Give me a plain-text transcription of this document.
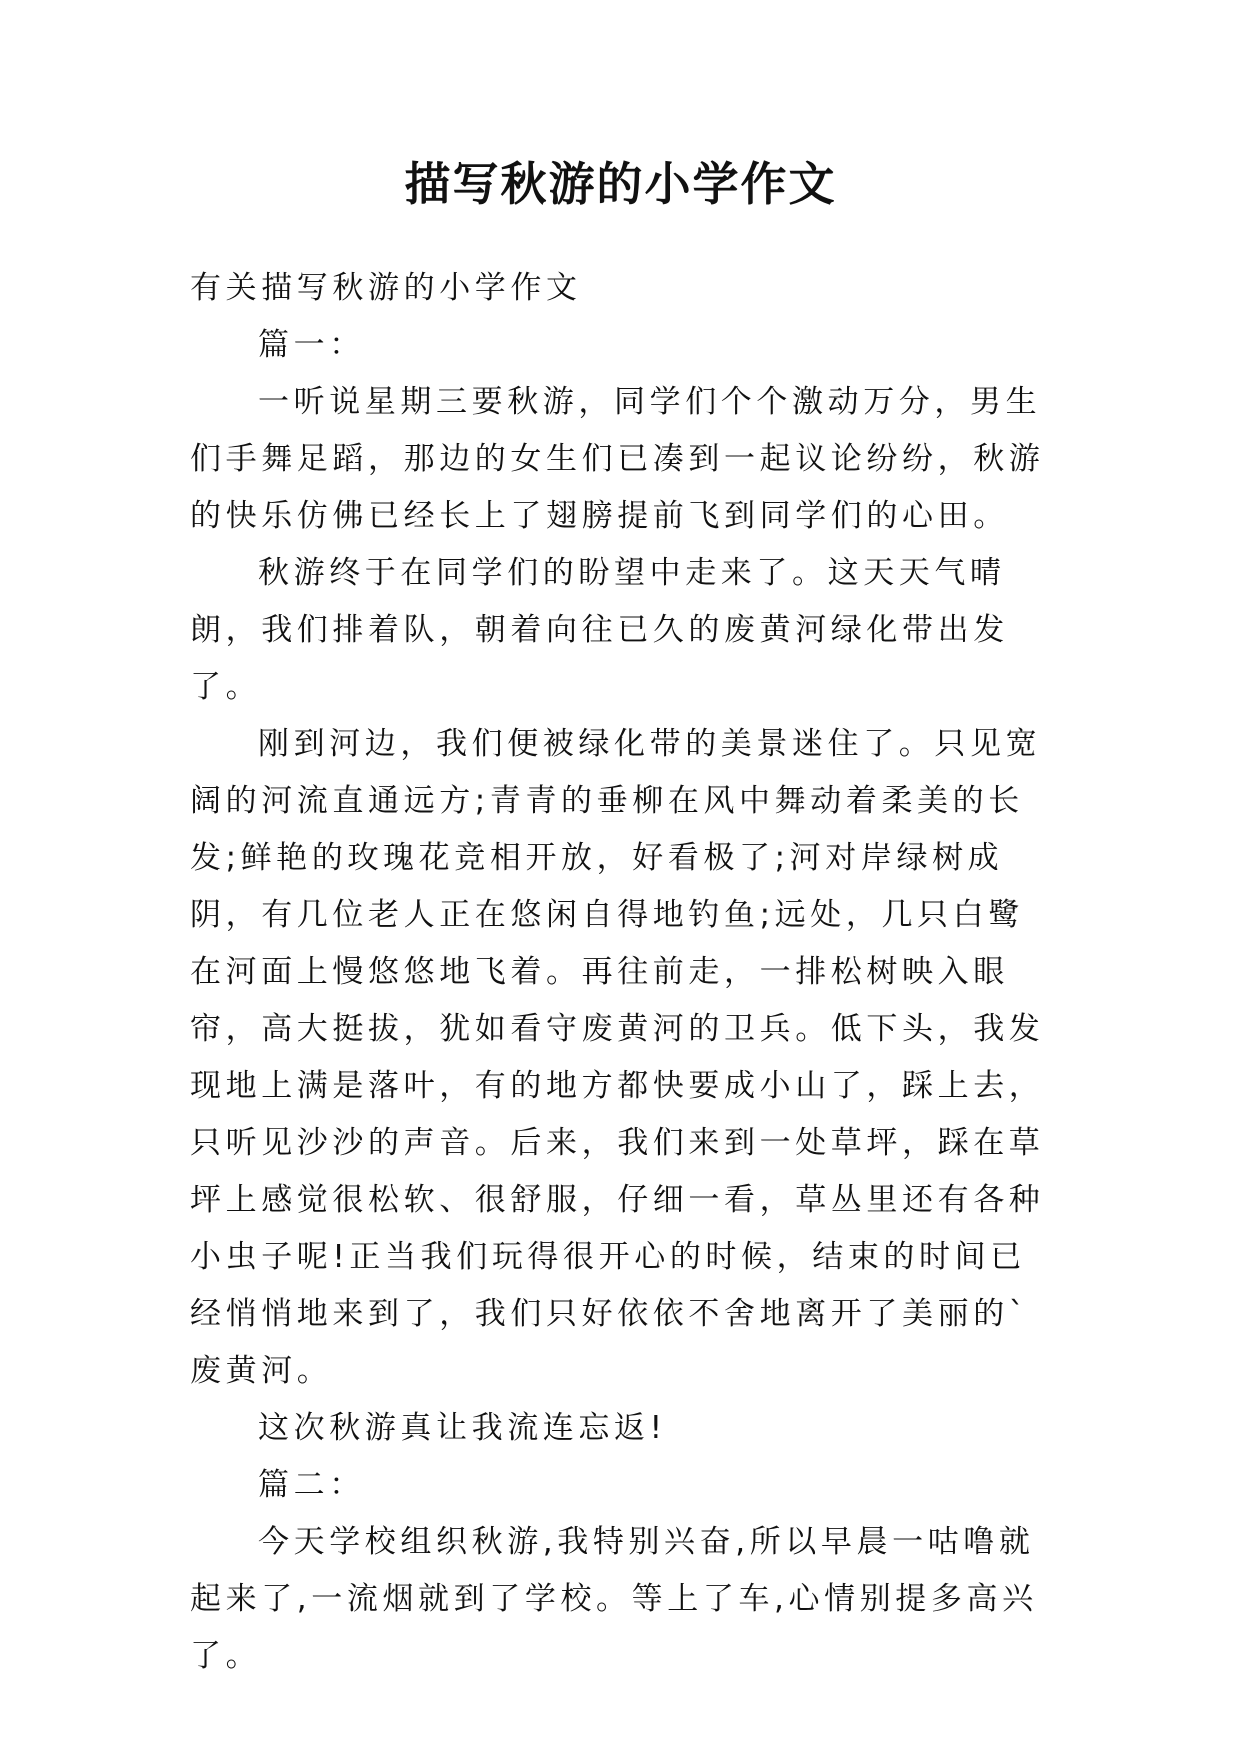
描写秋游的小学作文

有关描写秋游的小学作文

篇一：

一听说星期三要秋游，同学们个个激动万分，男生们手舞足蹈，那边的女生们已凑到一起议论纷纷，秋游的快乐仿佛已经长上了翅膀提前飞到同学们的心田。

秋游终于在同学们的盼望中走来了。这天天气晴朗，我们排着队，朝着向往已久的废黄河绿化带出发了。

刚到河边，我们便被绿化带的美景迷住了。只见宽阔的河流直通远方;青青的垂柳在风中舞动着柔美的长发;鲜艳的玫瑰花竞相开放，好看极了;河对岸绿树成阴，有几位老人正在悠闲自得地钓鱼;远处，几只白鹭在河面上慢悠悠地飞着。再往前走，一排松树映入眼帘，高大挺拔，犹如看守废黄河的卫兵。低下头，我发现地上满是落叶，有的地方都快要成小山了，踩上去，只听见沙沙的声音。后来，我们来到一处草坪，踩在草坪上感觉很松软、很舒服，仔细一看，草丛里还有各种小虫子呢!正当我们玩得很开心的时候，结束的时间已经悄悄地来到了，我们只好依依不舍地离开了美丽的`废黄河。

这次秋游真让我流连忘返!

篇二：

今天学校组织秋游,我特别兴奋,所以早晨一咕噜就起来了,一流烟就到了学校。等上了车,心情别提多高兴了。
